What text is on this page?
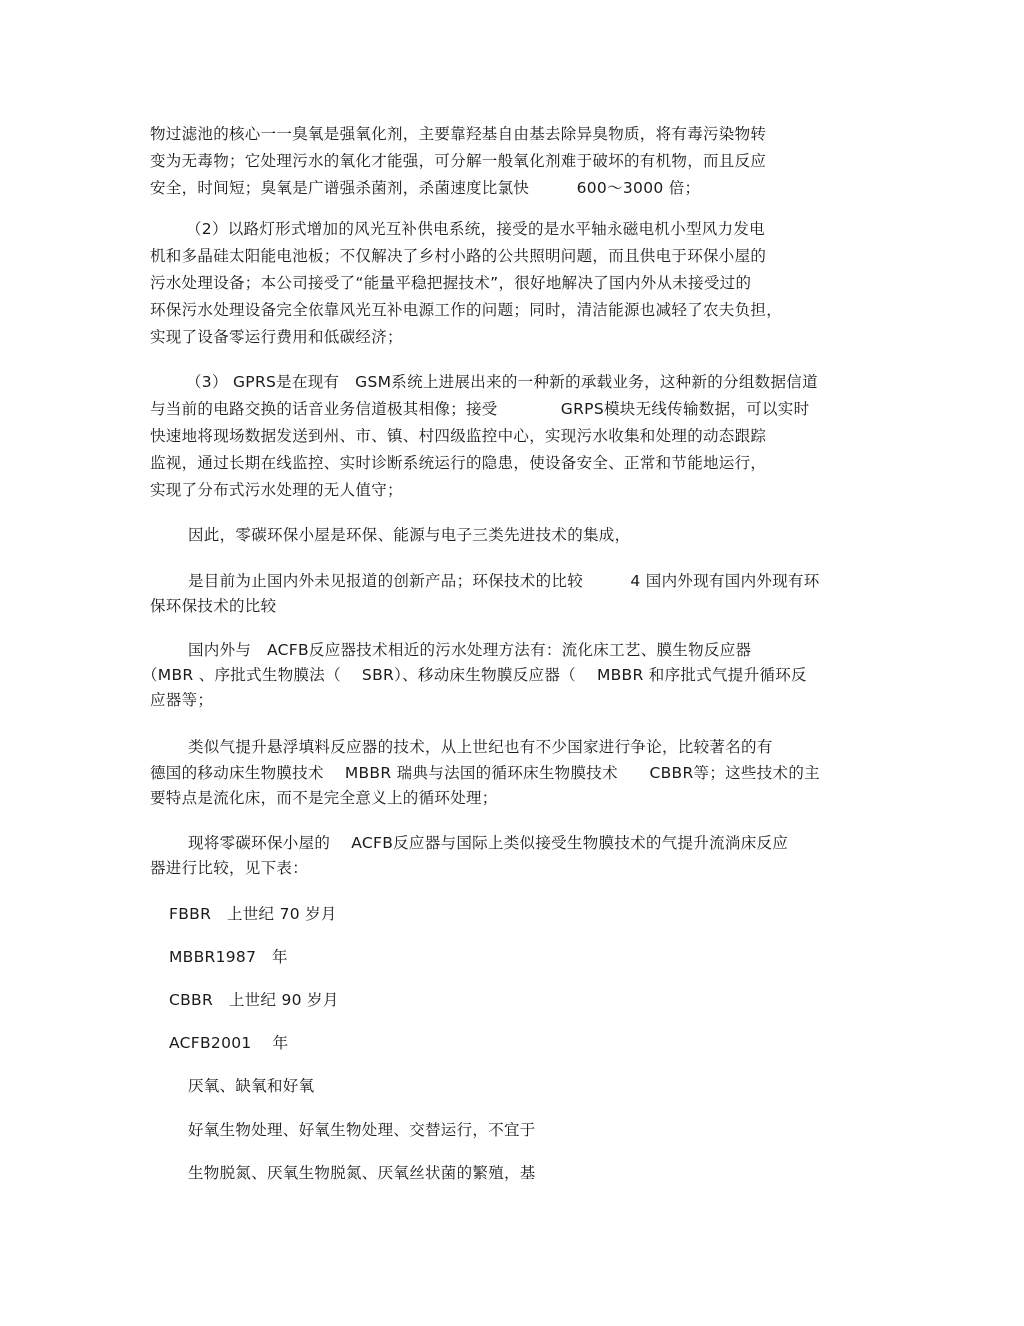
物过滤池的核心一一臭氧是强氧化剂，主要靠羟基自由基去除异臭物质，将有毒污染物转
变为无毒物；它处理污水的氧化才能强，可分解一般氧化剂难于破坏的有机物，而且反应
安全，时间短；臭氧是广谱强杀菌剂，杀菌速度比氯快　　　600～3000 倍；
（2）以路灯形式增加的风光互补供电系统，接受的是水平轴永磁电机小型风力发电
机和多晶硅太阳能电池板；不仅解决了乡村小路的公共照明问题，而且供电于环保小屋的
污水处理设备；本公司接受了“能量平稳把握技术”，很好地解决了国内外从未接受过的
环保污水处理设备完全依靠风光互补电源工作的问题；同时，清洁能源也减轻了农夫负担，
实现了设备零运行费用和低碳经济；
（3） GPRS是在现有　GSM系统上进展出来的一种新的承载业务，这种新的分组数据信道
与当前的电路交换的话音业务信道极其相像；接受　　　　GRPS模块无线传输数据，可以实时
快速地将现场数据发送到州、市、镇、村四级监控中心，实现污水收集和处理的动态跟踪
监视，通过长期在线监控、实时诊断系统运行的隐患，使设备安全、正常和节能地运行，
实现了分布式污水处理的无人值守；
因此，零碳环保小屋是环保、能源与电子三类先进技术的集成，
是目前为止国内外未见报道的创新产品；环保技术的比较　　　4 国内外现有国内外现有环
保环保技术的比较
国内外与　ACFB反应器技术相近的污水处理方法有：流化床工艺、膜生物反应器
（MBR 、序批式生物膜法（　 SBR）、移动床生物膜反应器（　 MBBR 和序批式气提升循环反
应器等；
类似气提升悬浮填料反应器的技术，从上世纪也有不少国家进行争论，比较著名的有
德国的移动床生物膜技术　 MBBR 瑞典与法国的循环床生物膜技术　　CBBR等；这些技术的主
要特点是流化床，而不是完全意义上的循环处理；
现将零碳环保小屋的　 ACFB反应器与国际上类似接受生物膜技术的气提升流淌床反应
器进行比较，见下表：
FBBR　上世纪 70 岁月
MBBR1987　年
CBBR　上世纪 90 岁月
ACFB2001　 年
厌氧、缺氧和好氧
好氧生物处理、好氧生物处理、交替运行，不宜于
生物脱氮、厌氧生物脱氮、厌氧丝状菌的繁殖，基
